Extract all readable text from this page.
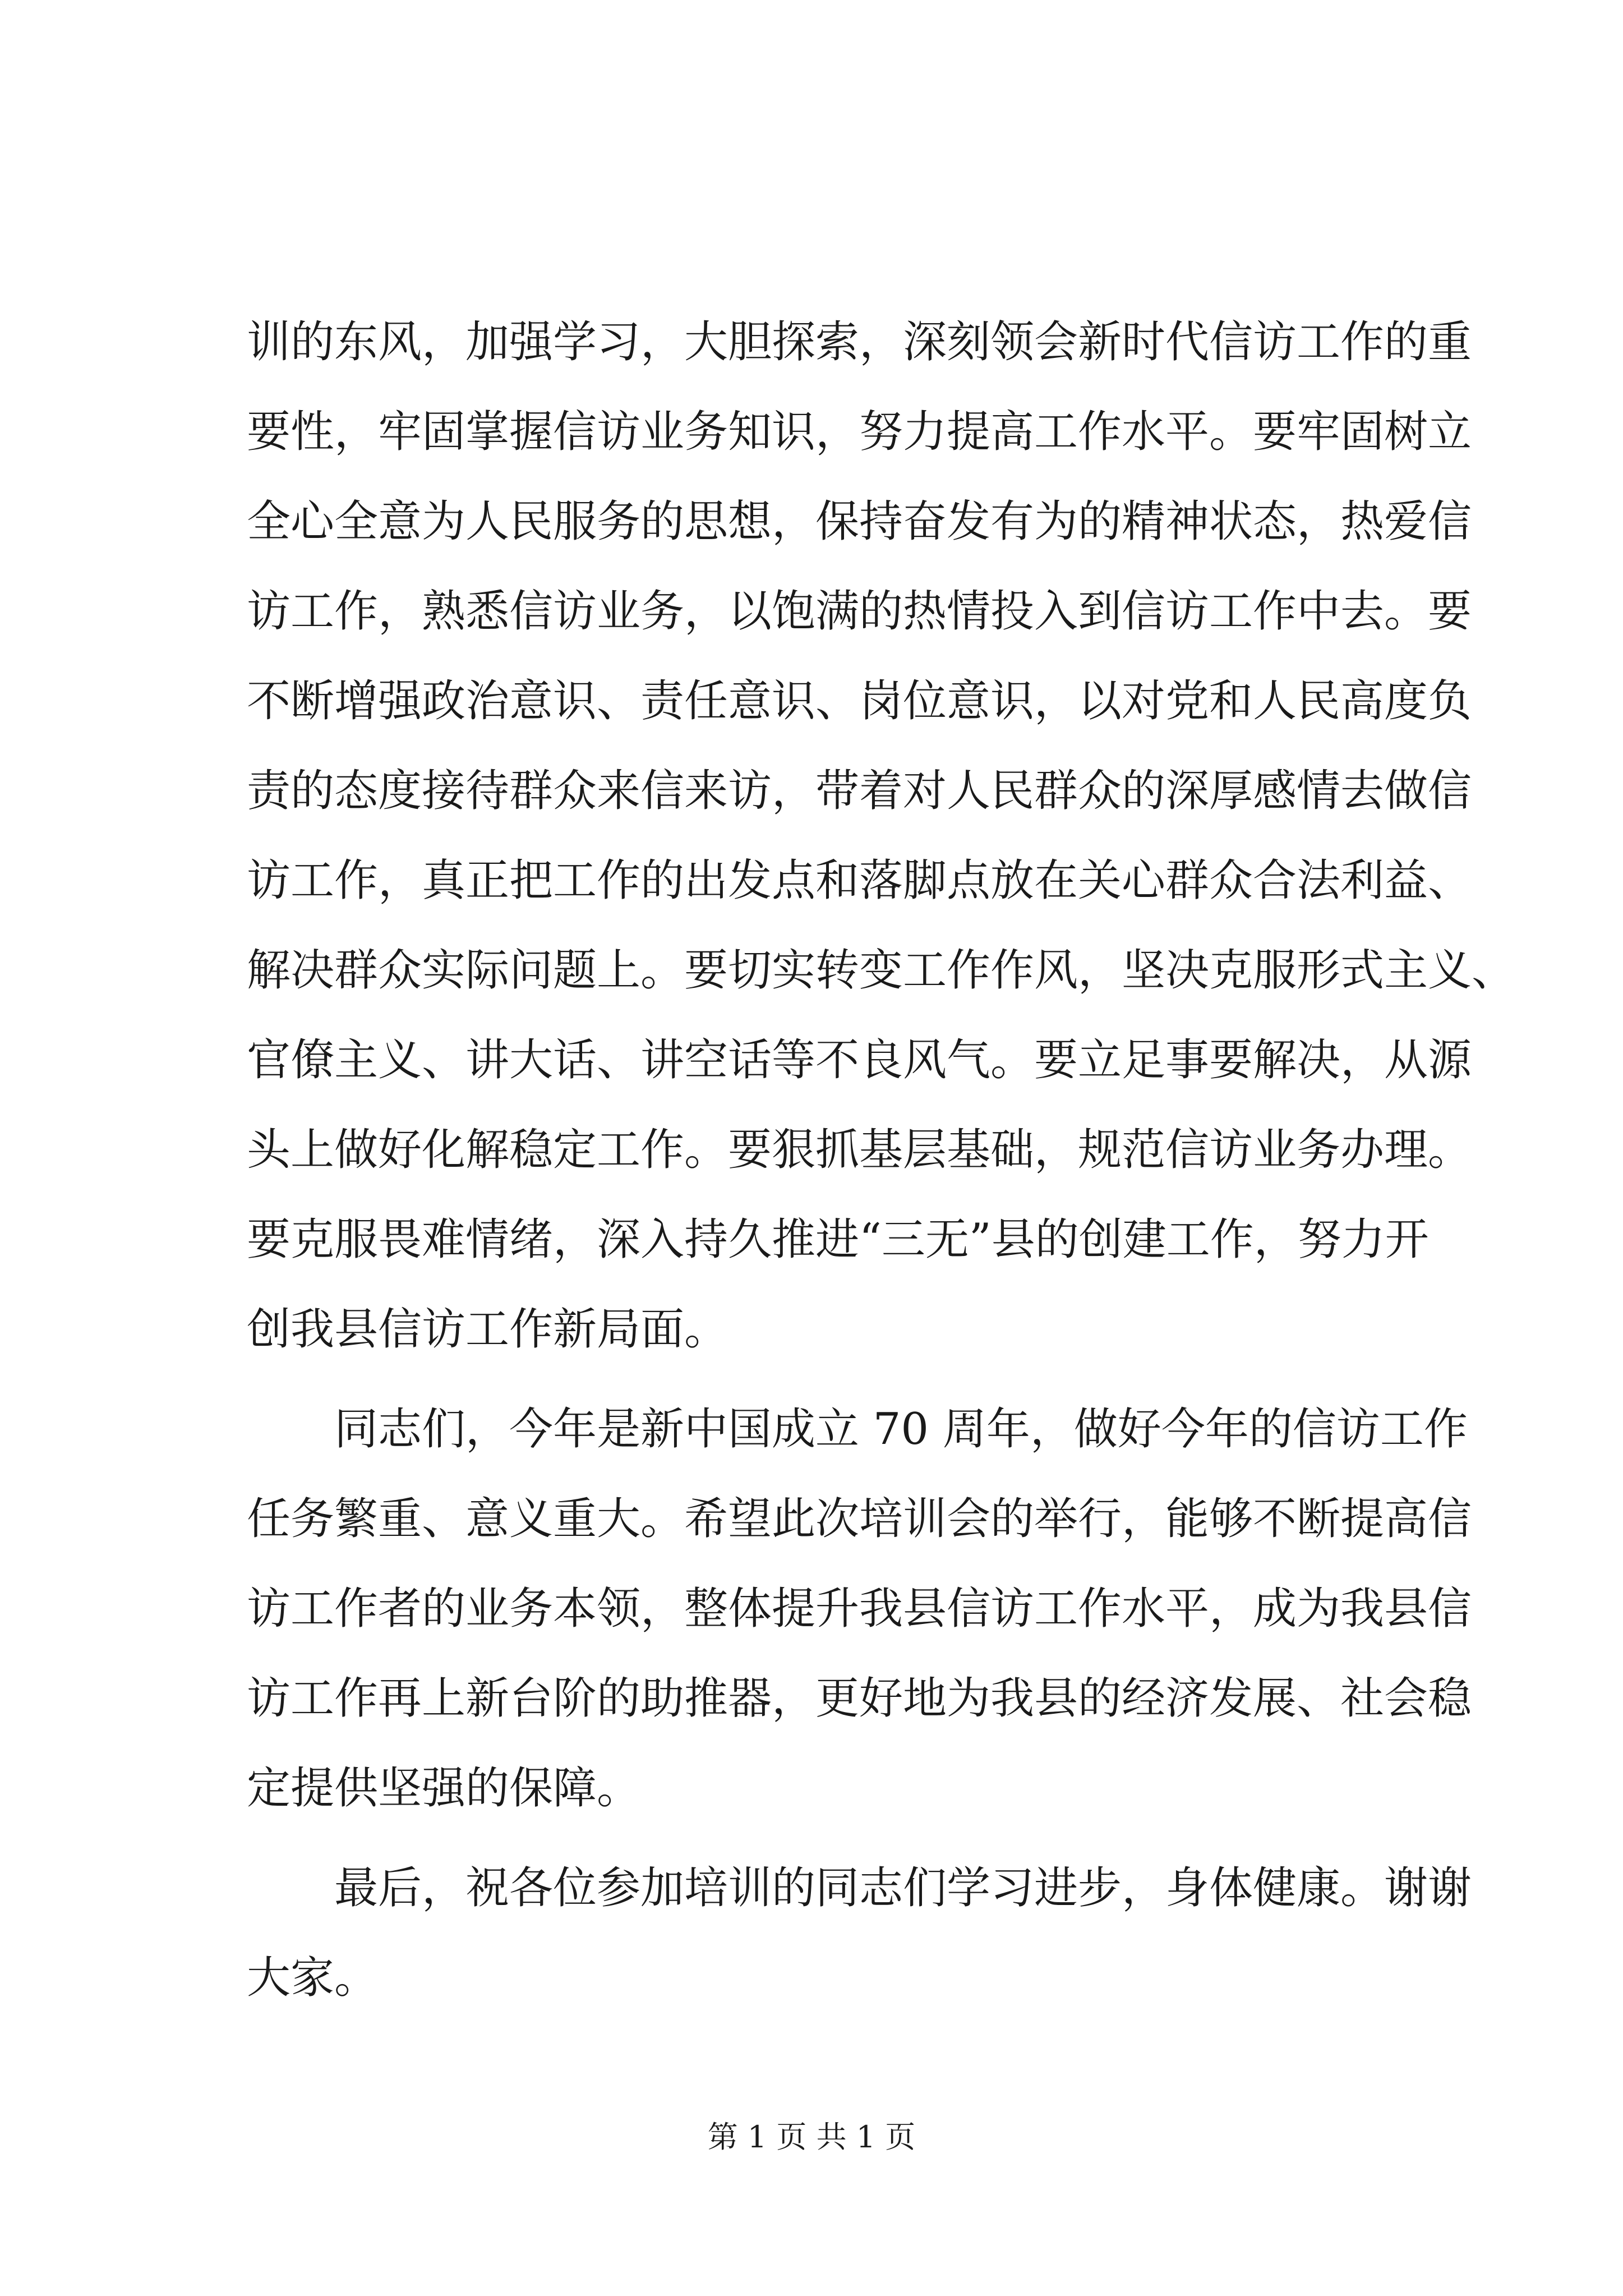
训的东风，加强学习，大胆探索，深刻领会新时代信访工作的重
要性，牢固掌握信访业务知识，努力提高工作水平。要牢固树立
全心全意为人民服务的思想，保持奋发有为的精神状态，热爱信
访工作，熟悉信访业务，以饱满的热情投入到信访工作中去。要
不断增强政治意识、责任意识、岗位意识，以对党和人民高度负
责的态度接待群众来信来访，带着对人民群众的深厚感情去做信
访工作，真正把工作的出发点和落脚点放在关心群众合法利益、
解决群众实际问题上。要切实转变工作作风，坚决克服形式主义、
官僚主义、讲大话、讲空话等不良风气。要立足事要解决，从源
头上做好化解稳定工作。要狠抓基层基础，规范信访业务办理。
要克服畏难情绪，深入持久推进“三无”县的创建工作，努力开
创我县信访工作新局面。
同志们，今年是新中国成立 70 周年，做好今年的信访工作
任务繁重、意义重大。希望此次培训会的举行，能够不断提高信
访工作者的业务本领，整体提升我县信访工作水平，成为我县信
访工作再上新台阶的助推器，更好地为我县的经济发展、社会稳
定提供坚强的保障。
最后，祝各位参加培训的同志们学习进步，身体健康。谢谢
大家。
第 1 页 共 1 页
